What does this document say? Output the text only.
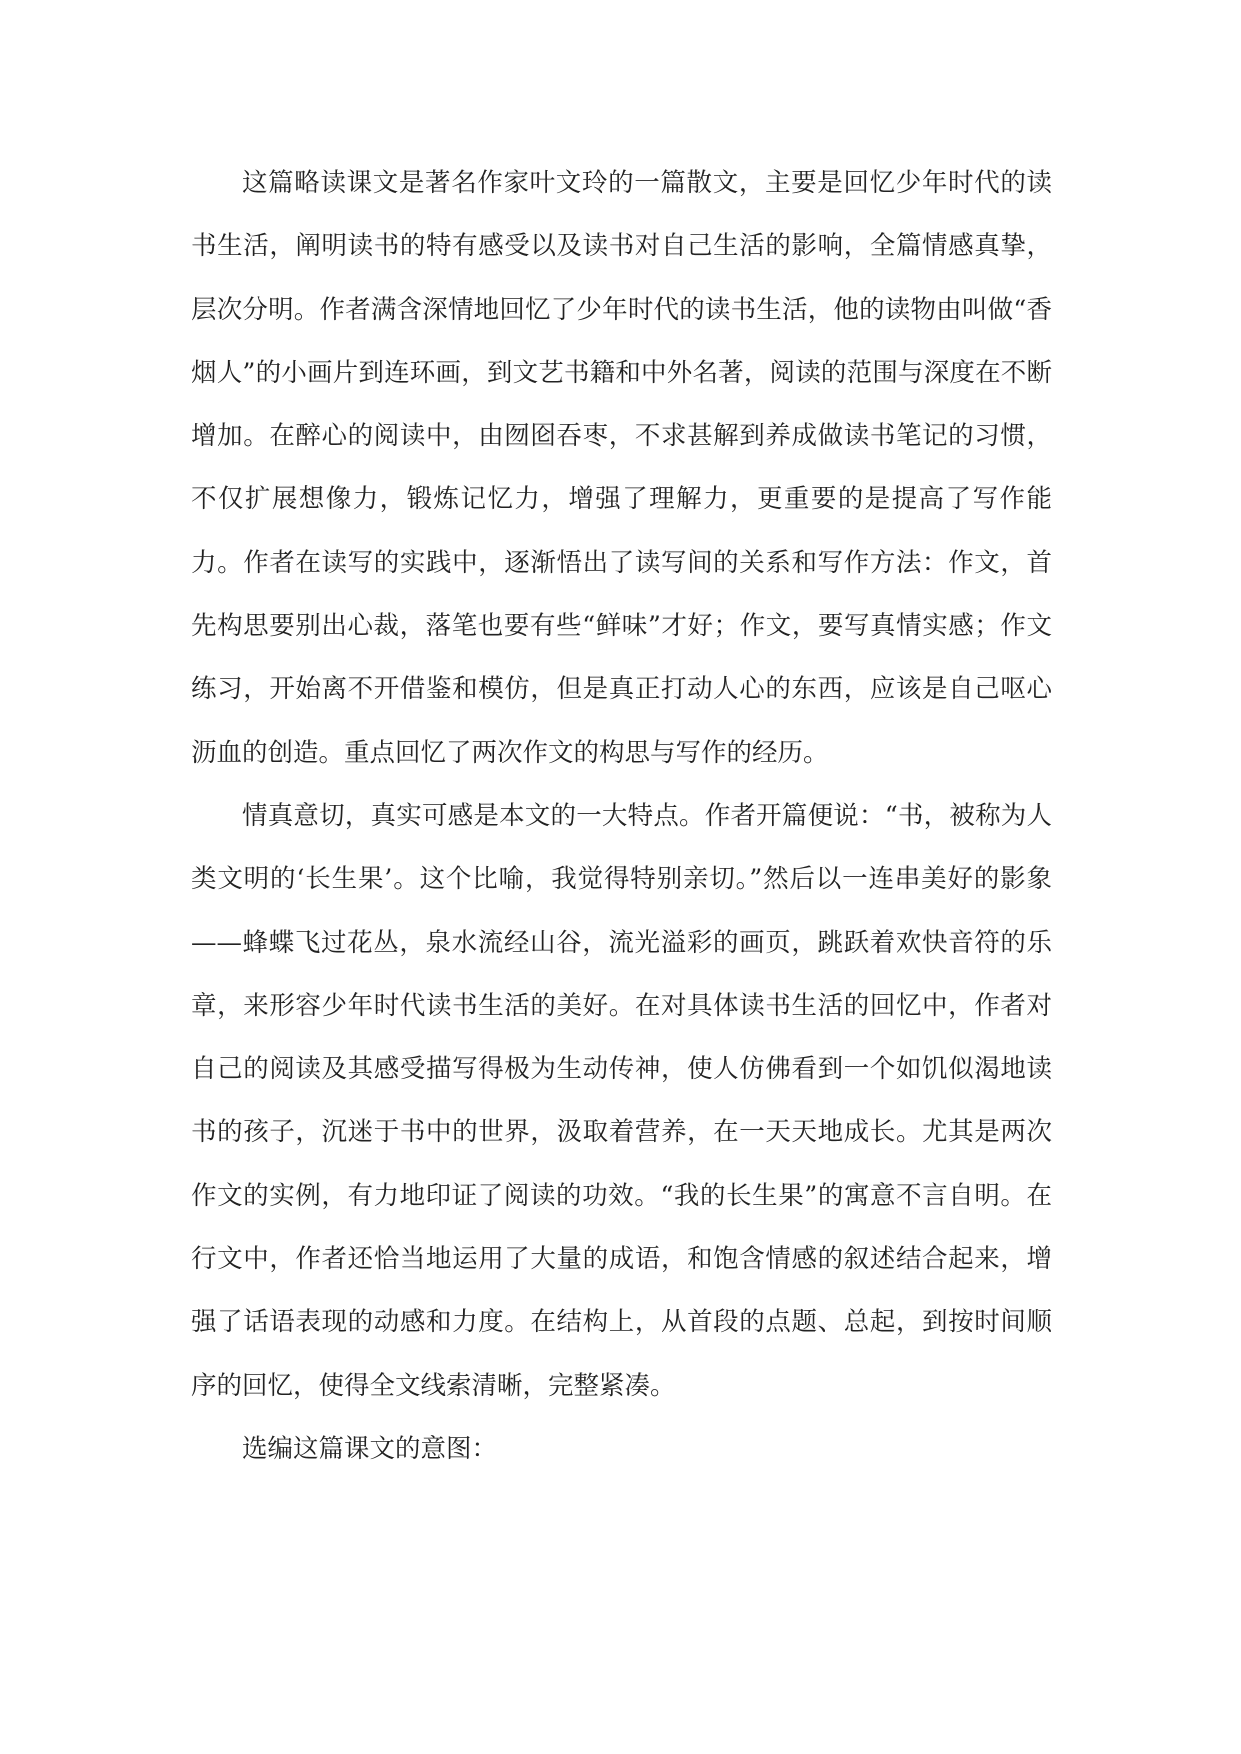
这篇略读课文是著名作家叶文玲的一篇散文，主要是回忆少年时代的读书生活，阐明读书的特有感受以及读书对自己生活的影响，全篇情感真挚，层次分明。作者满含深情地回忆了少年时代的读书生活，他的读物由叫做“香烟人”的小画片到连环画，到文艺书籍和中外名著，阅读的范围与深度在不断增加。在醉心的阅读中，由囫囵吞枣，不求甚解到养成做读书笔记的习惯，不仅扩展想像力，锻炼记忆力，增强了理解力，更重要的是提高了写作能力。作者在读写的实践中，逐渐悟出了读写间的关系和写作方法：作文，首先构思要别出心裁，落笔也要有些“鲜味”才好；作文，要写真情实感；作文练习，开始离不开借鉴和模仿，但是真正打动人心的东西，应该是自己呕心沥血的创造。重点回忆了两次作文的构思与写作的经历。

情真意切，真实可感是本文的一大特点。作者开篇便说：“书，被称为人类文明的‘长生果’。这个比喻，我觉得特别亲切。”然后以一连串美好的影象——蜂蝶飞过花丛，泉水流经山谷，流光溢彩的画页，跳跃着欢快音符的乐章，来形容少年时代读书生活的美好。在对具体读书生活的回忆中，作者对自己的阅读及其感受描写得极为生动传神，使人仿佛看到一个如饥似渴地读书的孩子，沉迷于书中的世界，汲取着营养，在一天天地成长。尤其是两次作文的实例，有力地印证了阅读的功效。“我的长生果”的寓意不言自明。在行文中，作者还恰当地运用了大量的成语，和饱含情感的叙述结合起来，增强了话语表现的动感和力度。在结构上，从首段的点题、总起，到按时间顺序的回忆，使得全文线索清晰，完整紧凑。

选编这篇课文的意图：
